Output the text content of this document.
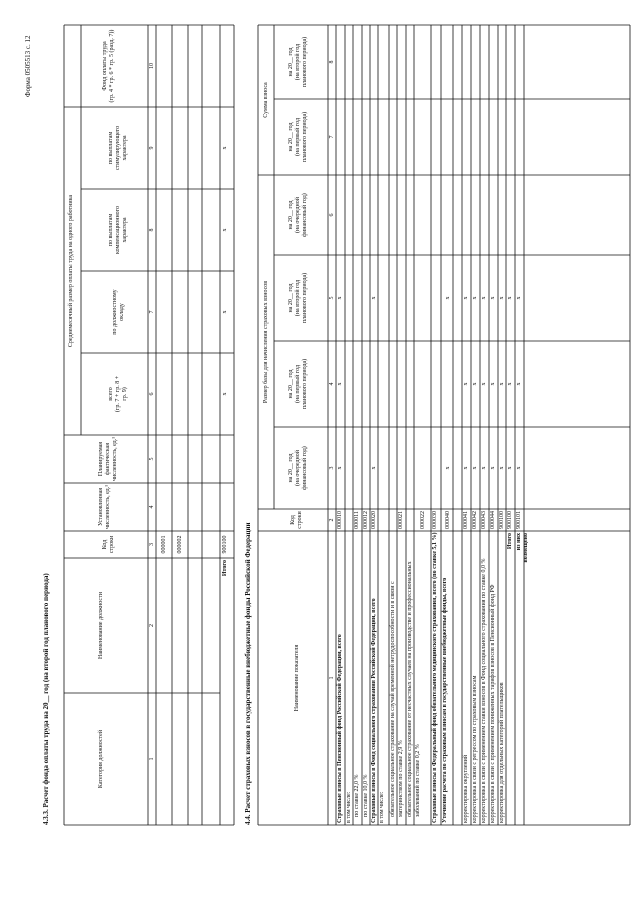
Форма 0505513 с. 12
4.3.3. Расчет фонда оплаты труда на 20__ год (на второй год планового периода)	Категория должностей
Наименование должности
Код
строки
Установленная
численность, ед.¹
Планируемая
фактическая
численность, ед.¹
Среднемесячный размер оплаты труда на одного работника
всего
(гр. 7 + гр. 8 +
гр. 9)
по должностному
окладу
по выплатам
компенсационного
характера
по выплатам
стимулирующего
характера
Фонд оплаты труда
(гр. 4 * гр. 6 * гр. 5 (разд. 7))
1
2
3
4
5
6
7
8
9
10
000001 000002
Итого
900100
x
x
x
x
4.4. Расчет страховых взносов в государственные внебюджетные фонды Российской Федерации	Наименование показателя
Код
строки
Размер базы для начисления страховых взносов
Сумма взноса
на 20__ год
(на очередной
финансовый год)
на 20__ год
(на первый год
планового периода)
на 20__ год
(на второй год
планового периода)
на 20__ год
(на очередной
финансовый год)
на 20__ год
(на первый год
планового периода)
на 20__ год
(на второй год
планового периода)
1
2
3
4
5
6
7
8
Страховые взносы в Пенсионный фонд Российской Федерации, всего
000010
x
x
x
в том числе: по ставке 22,0 %
000011
по ставке 10,0 %
000012
Страховые взносы в Фонд социального страхования Российской Федерации, всего
000020
x
x
в том числе: обязательное социальное страхование на случай временной нетрудоспособности и в связи с материнством по ставке 2,9 %
000021
обязательное социальное страхование от несчастных случаев на производстве и профессиональных заболеваний по ставке 0,2 %
000022
Страховые взносы в Федеральный фонд обязательного медицинского страхования, всего (по ставке 5,1 %)
000030
Уточнение расчета по страховым взносам в государственные внебюджетные фонды, всего
000040
x
x
корректировка округлений
000041
x
x
x
корректировка в связи с регрессом по страховым взносам
000042
x
x
x
корректировка в связи с применением ставки взносов в Фонд социального страхования по ставке 0,0 %
000043
x
x
x
корректировка в связи с применением пониженных тарифов взносов в Пенсионный фонд РФ
000044
x
x
x
корректировка для отдельных категорий плательщиков
900100
x
x
x
Итого
900100
x
x
x
из них
возмещено
900101
x
x
x
